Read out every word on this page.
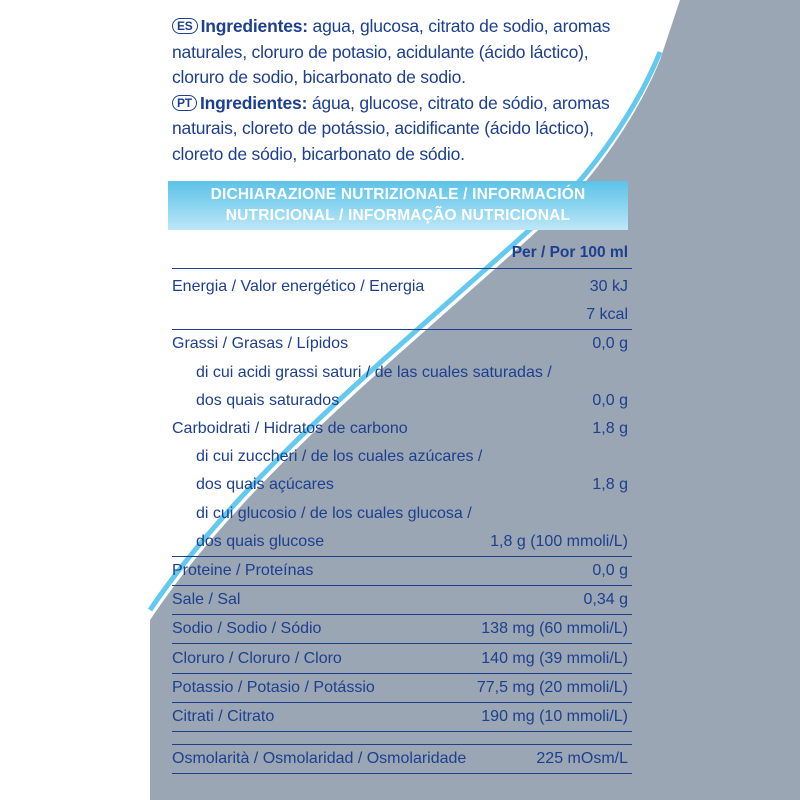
ES Ingredientes: agua, glucosa, citrato de sodio, aromas
naturales, cloruro de potasio, acidulante (ácido láctico),
cloruro de sodio, bicarbonato de sodio.

PT Ingredientes: água, glucose, citrato de sódio, aromas
naturais, cloreto de potássio, acidificante (ácido láctico),
cloreto de sódio, bicarbonato de sódio.

DICHIARAZIONE NUTRIZIONALE / INFORMACIÓN
NUTRICIONAL / INFORMAÇÃO NUTRICIONAL
Per / Por 100 ml
Energia / Valor energético / Energia	30 kJ
	7 kcal
Grassi / Grasas / Lípidos	0,0 g
di cui acidi grassi saturi / de las cuales saturadas /	
dos quais saturados	0,0 g
Carboidrati / Hidratos de carbono	1,8 g
di cui zuccheri / de los cuales azúcares /	
dos quais açúcares	1,8 g
di cui glucosio / de los cuales glucosa /	
dos quais glucose	1,8 g (100 mmoli/L)
Proteine / Proteínas	0,0 g
Sale / Sal	0,34 g
Sodio / Sodio / Sódio	138 mg (60 mmoli/L)
Cloruro / Cloruro / Cloro	140 mg (39 mmoli/L)
Potassio / Potasio / Potássio	77,5 mg (20 mmoli/L)
Citrati / Citrato	190 mg (10 mmoli/L)
Osmolarità / Osmolaridad / Osmolaridade	225 mOsm/L
